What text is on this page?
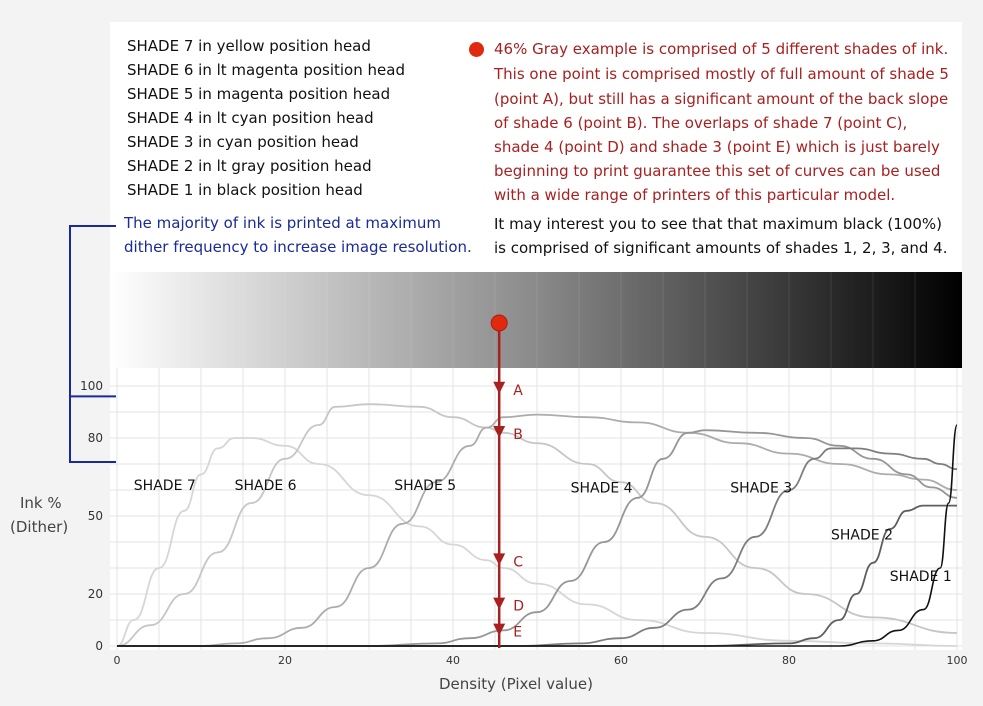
0	20	40	60	80	100
0
20
50
80
100
SHADE 7	SHADE 6	SHADE 5	SHADE 4	SHADE 3
SHADE 2
SHADE 1
A
B
C
D
E
SHADE 7 in yellow position head
SHADE 6 in lt magenta position head
SHADE 5 in magenta position head
SHADE 4 in lt cyan position head
SHADE 3 in cyan position head
SHADE 2 in lt gray position head
SHADE 1 in black position head
The majority of ink is printed at maximum
dither frequency to increase image resolution.
46% Gray example is comprised of 5 different shades of ink.
This one point is comprised mostly of full amount of shade 5
(point A), but still has a significant amount of the back slope
of shade 6 (point B). The overlaps of shade 7 (point C),
shade 4 (point D) and shade 3 (point E) which is just barely
beginning to print guarantee this set of curves can be used
with a wide range of printers of this particular model.
It may interest you to see that that maximum black (100%)
is comprised of significant amounts of shades 1, 2, 3, and 4.
Ink %
(Dither)
Density (Pixel value)
